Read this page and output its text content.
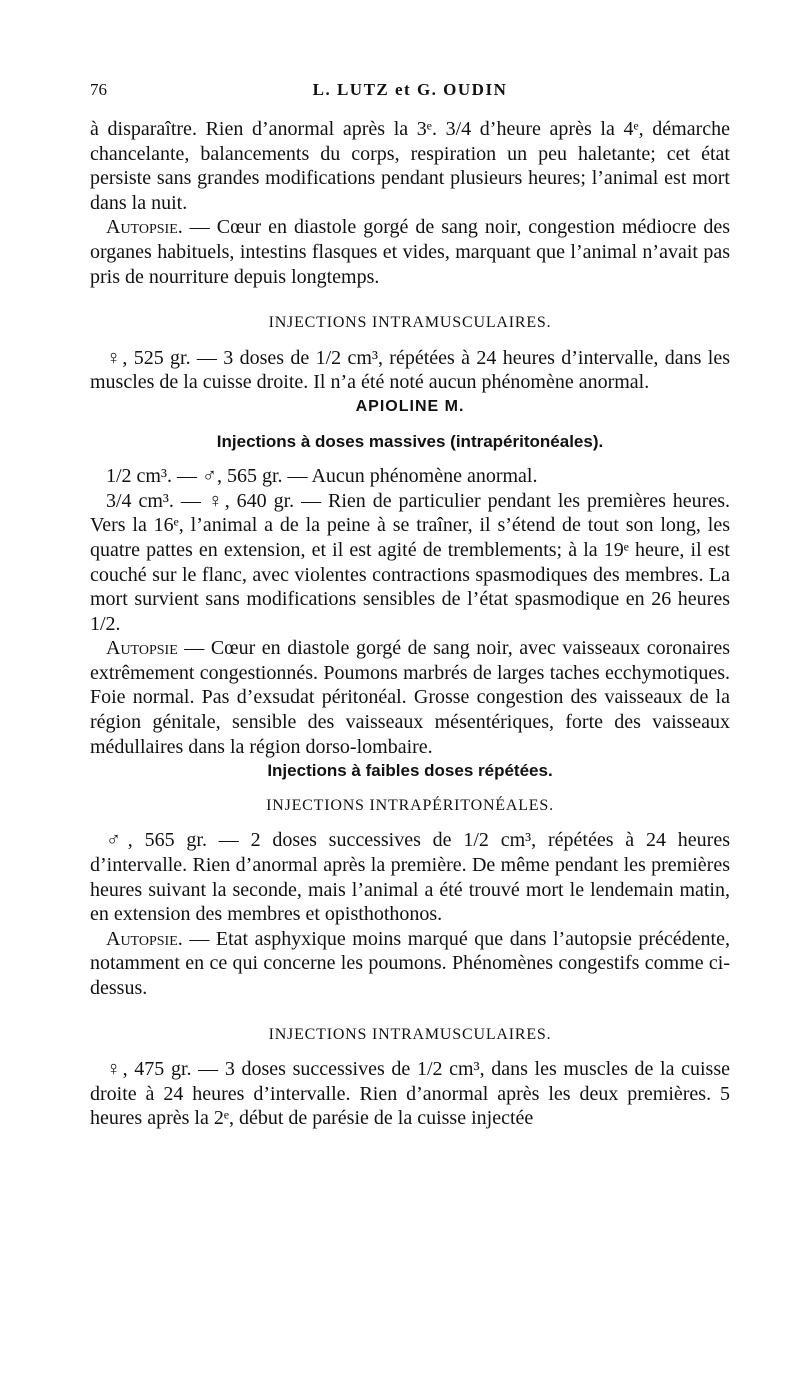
76	L. LUTZ et G. OUDIN

à disparaître. Rien d’anormal après la 3ᵉ. 3/4 d’heure après la 4ᵉ, démarche chancelante, balancements du corps, respiration un peu haletante; cet état persiste sans grandes modifications pendant plusieurs heures; l’animal est mort dans la nuit.

Autopsie. — Cœur en diastole gorgé de sang noir, congestion médiocre des organes habituels, intestins flasques et vides, marquant que l’animal n’avait pas pris de nourriture depuis longtemps.

INJECTIONS INTRAMUSCULAIRES.

♀, 525 gr. — 3 doses de 1/2 cm³, répétées à 24 heures d’intervalle, dans les muscles de la cuisse droite. Il n’a été noté aucun phénomène anormal.

APIOLINE M.

Injections à doses massives (intrapéritonéales).

1/2 cm³. — ♂, 565 gr. — Aucun phénomène anormal.

3/4 cm³. — ♀, 640 gr. — Rien de particulier pendant les premières heures. Vers la 16ᵉ, l’animal a de la peine à se traîner, il s’étend de tout son long, les quatre pattes en extension, et il est agité de tremblements; à la 19ᵉ heure, il est couché sur le flanc, avec violentes contractions spasmodiques des membres. La mort survient sans modifications sensibles de l’état spasmodique en 26 heures 1/2.

Autopsie — Cœur en diastole gorgé de sang noir, avec vaisseaux coronaires extrêmement congestionnés. Poumons marbrés de larges taches ecchymotiques. Foie normal. Pas d’exsudat péritonéal. Grosse congestion des vaisseaux de la région génitale, sensible des vaisseaux mésentériques, forte des vaisseaux médullaires dans la région dorso-lombaire.

Injections à faibles doses répétées.

INJECTIONS INTRAPÉRITONÉALES.

♂, 565 gr. — 2 doses successives de 1/2 cm³, répétées à 24 heures d’intervalle. Rien d’anormal après la première. De même pendant les premières heures suivant la seconde, mais l’animal a été trouvé mort le lendemain matin, en extension des membres et opisthothonos.

Autopsie. — Etat asphyxique moins marqué que dans l’autopsie précédente, notamment en ce qui concerne les poumons. Phénomènes congestifs comme ci-dessus.

INJECTIONS INTRAMUSCULAIRES.

♀, 475 gr. — 3 doses successives de 1/2 cm³, dans les muscles de la cuisse droite à 24 heures d’intervalle. Rien d’anormal après les deux premières. 5 heures après la 2ᵉ, début de parésie de la cuisse injectée
